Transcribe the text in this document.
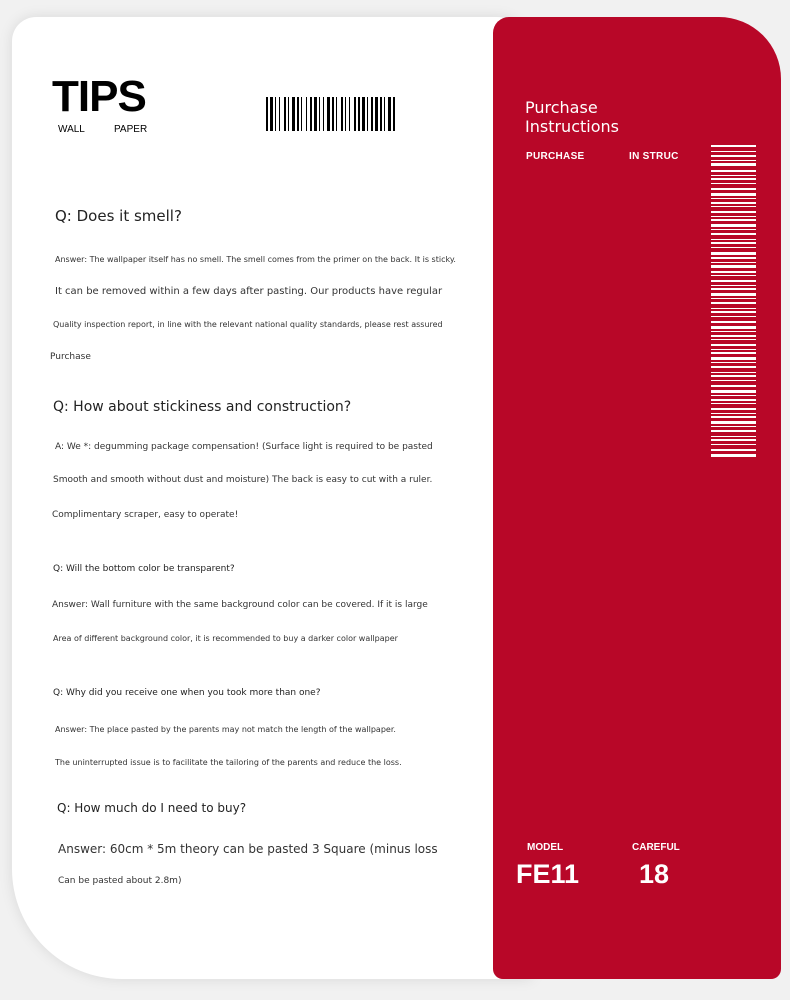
TIPS
WALL	PAPER
Q: Does it smell?
Answer: The wallpaper itself has no smell. The smell comes from the primer on the back. It is sticky.
It can be removed within a few days after pasting. Our products have regular
Quality inspection report, in line with the relevant national quality standards, please rest assured
Purchase
Q: How about stickiness and construction?
A: We *: degumming package compensation! (Surface light is required to be pasted
Smooth and smooth without dust and moisture) The back is easy to cut with a ruler.
Complimentary scraper, easy to operate!
Q: Will the bottom color be transparent?
Answer: Wall furniture with the same background color can be covered. If it is large
Area of different background color, it is recommended to buy a darker color wallpaper
Q: Why did you receive one when you took more than one?
Answer: The place pasted by the parents may not match the length of the wallpaper.
The uninterrupted issue is to facilitate the tailoring of the parents and reduce the loss.
Q: How much do I need to buy?
Answer: 60cm * 5m theory can be pasted 3 Square (minus loss
Can be pasted about 2.8m)
Purchase Instructions
PURCHASE	IN STRUC
MODEL	CAREFUL
FE11 18
